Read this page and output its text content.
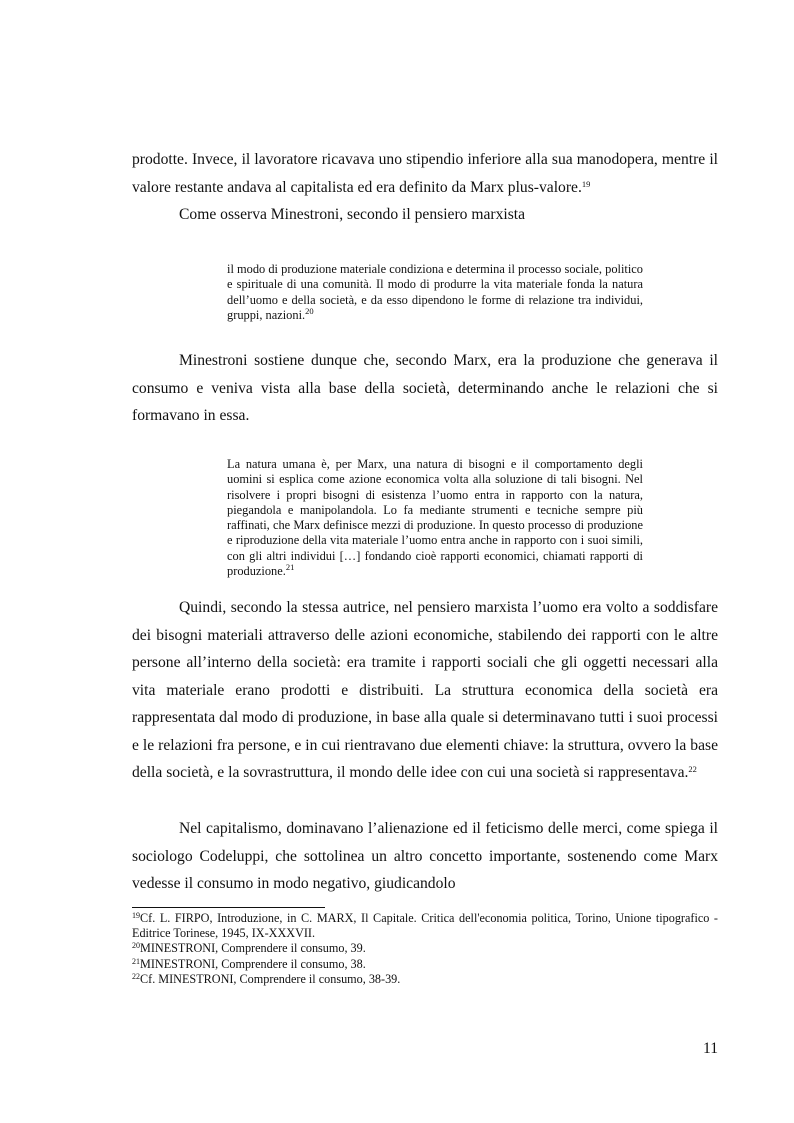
prodotte. Invece, il lavoratore ricavava uno stipendio inferiore alla sua manodopera, mentre il valore restante andava al capitalista ed era definito da Marx plus-valore.$^{19}$

Come osserva Minestroni, secondo il pensiero marxista

il modo di produzione materiale condiziona e determina il processo sociale, politico e spirituale di una comunità. Il modo di produrre la vita materiale fonda la natura dell’uomo e della società, e da esso dipendono le forme di relazione tra individui, gruppi, nazioni.$^{20}$

Minestroni sostiene dunque che, secondo Marx, era la produzione che generava il consumo e veniva vista alla base della società, determinando anche le relazioni che si formavano in essa.

La natura umana è, per Marx, una natura di bisogni e il comportamento degli uomini si esplica come azione economica volta alla soluzione di tali bisogni. Nel risolvere i propri bisogni di esistenza l’uomo entra in rapporto con la natura, piegandola e manipolandola. Lo fa mediante strumenti e tecniche sempre più raffinati, che Marx definisce mezzi di produzione. In questo processo di produzione e riproduzione della vita materiale l’uomo entra anche in rapporto con i suoi simili, con gli altri individui […] fondando cioè rapporti economici, chiamati rapporti di produzione.$^{21}$

Quindi, secondo la stessa autrice, nel pensiero marxista l’uomo era volto a soddisfare dei bisogni materiali attraverso delle azioni economiche, stabilendo dei rapporti con le altre persone all’interno della società: era tramite i rapporti sociali che gli oggetti necessari alla vita materiale erano prodotti e distribuiti. La struttura economica della società era rappresentata dal modo di produzione, in base alla quale si determinavano tutti i suoi processi e le relazioni fra persone, e in cui rientravano due elementi chiave: la struttura, ovvero la base della società, e la sovrastruttura, il mondo delle idee con cui una società si rappresentava.$^{22}$

Nel capitalismo, dominavano l’alienazione ed il feticismo delle merci, come spiega il sociologo Codeluppi, che sottolinea un altro concetto importante, sostenendo come Marx vedesse il consumo in modo negativo, giudicandolo

$^{19}$Cf. L. FIRPO, Introduzione, in C. MARX, Il Capitale. Critica dell'economia politica, Torino, Unione tipografico - Editrice Torinese, 1945, IX-XXXVII.

$^{20}$MINESTRONI, Comprendere il consumo, 39.

$^{21}$MINESTRONI, Comprendere il consumo, 38.

$^{22}$Cf. MINESTRONI, Comprendere il consumo, 38-39.

11
